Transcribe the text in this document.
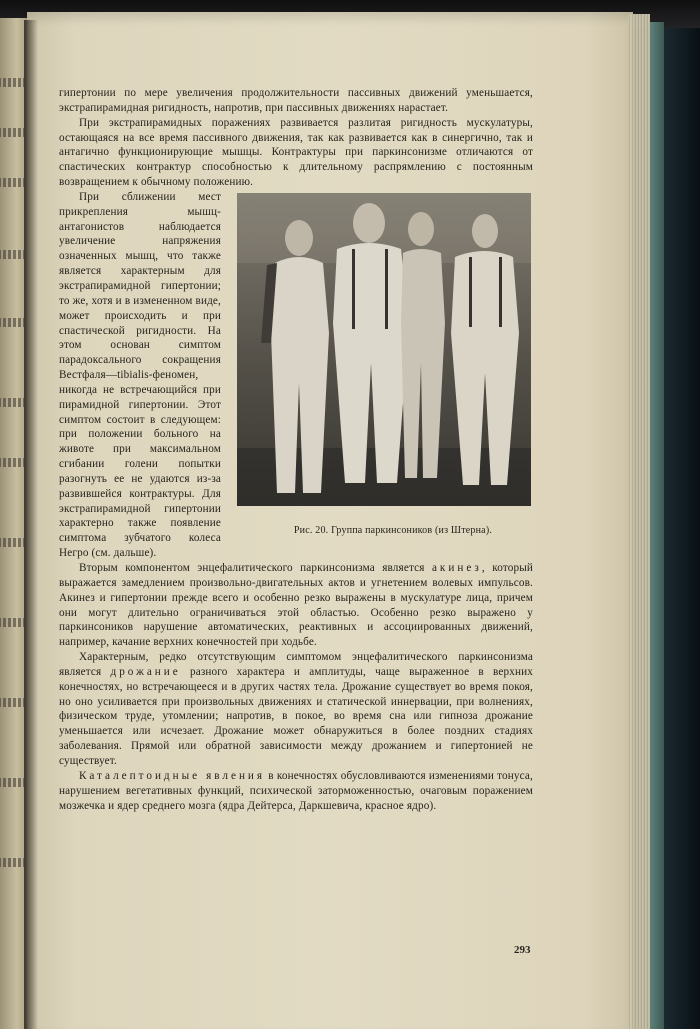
гипертонии по мере увеличения продолжительности пассивных движений уменьшается, экстрапирамидная ригидность, напротив, при пассивных движениях нарастает.

При экстрапирамидных поражениях развивается разлитая ригидность мускулатуры, остающаяся на все время пассивного движения, так как развивается как в синергично, так и антагично функционирующие мышцы. Контрактуры при паркинсонизме отличаются от спастических контрактур способностью к длительному распрямлению с постоянным возвращением к обычному положению.

Рис. 20. Группа паркинсоников (из Штерна).
При сближении мест прикрепления мышц-антагонистов наблюдается увеличение напряжения означенных мышц, что также является характерным для экстрапирамидной гипертонии; то же, хотя и в измененном виде, может происходить и при спастической ригидности. На этом основан симптом парадоксального сокращения Вестфаля—tibialis-феномен, никогда не встречающийся при пирамидной гипертонии. Этот симптом состоит в следующем: при положении больного на животе при максимальном сгибании голени попытки разогнуть ее не удаются из-за развившейся контрактуры. Для экстрапирамидной гипертонии характерно также появление симптома зубчатого колеса Негро (см. дальше).

Вторым компонентом энцефалитического паркинсонизма является акинез, который выражается замедлением произвольно-двигательных актов и угнетением волевых импульсов. Акинез и гипертонии прежде всего и особенно резко выражены в мускулатуре лица, причем они могут длительно ограничиваться этой областью. Особенно резко выражено у паркинсоников нарушение автоматических, реактивных и ассоциированных движений, например, качание верхних конечностей при ходьбе.

Характерным, редко отсутствующим симптомом энцефалитического паркинсонизма является дрожание разного характера и амплитуды, чаще выраженное в верхних конечностях, но встречающееся и в других частях тела. Дрожание существует во время покоя, но оно усиливается при произвольных движениях и статической иннервации, при волнениях, физическом труде, утомлении; напротив, в покое, во время сна или гипноза дрожание уменьшается или исчезает. Дрожание может обнаружиться в более поздних стадиях заболевания. Прямой или обратной зависимости между дрожанием и гипертонией не существует.

Каталептоидные явления в конечностях обусловливаются изменениями тонуса, нарушением вегетативных функций, психической заторможенностью, очаговым поражением мозжечка и ядер среднего мозга (ядра Дейтерса, Даркшевича, красное ядро).

293
